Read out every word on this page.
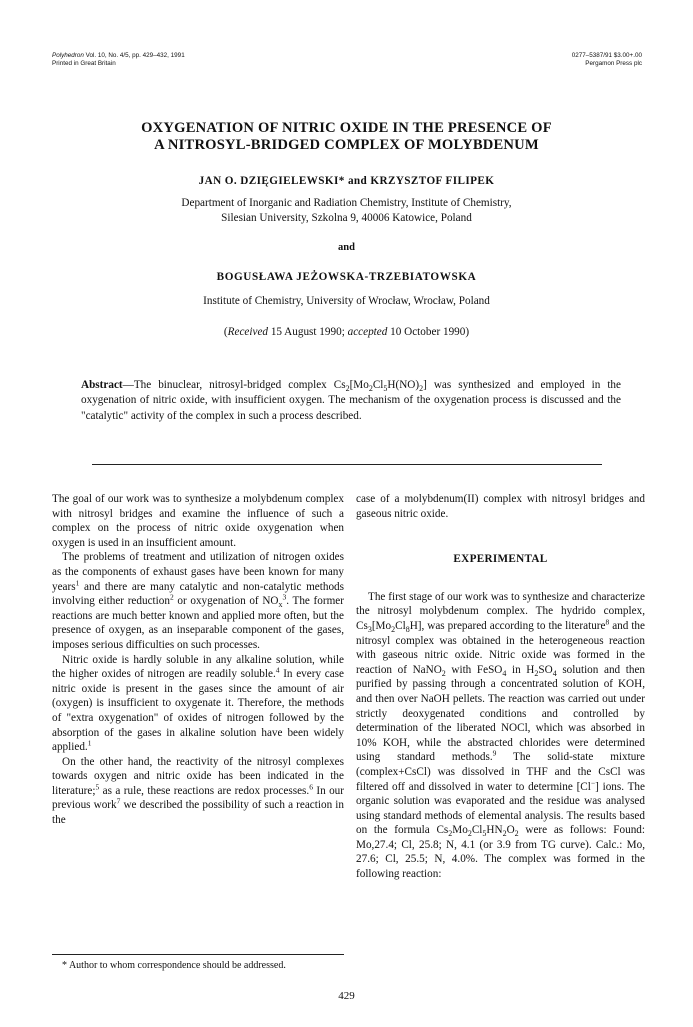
Polyhedron Vol. 10, No. 4/5, pp. 429–432, 1991
Printed in Great Britain
0277–5387/91 $3.00+.00
Pergamon Press plc
OXYGENATION OF NITRIC OXIDE IN THE PRESENCE OF
A NITROSYL-BRIDGED COMPLEX OF MOLYBDENUM
JAN O. DZIĘGIELEWSKI* and KRZYSZTOF FILIPEK
Department of Inorganic and Radiation Chemistry, Institute of Chemistry,
Silesian University, Szkolna 9, 40006 Katowice, Poland
and
BOGUSŁAWA JEŻOWSKA-TRZEBIATOWSKA
Institute of Chemistry, University of Wrocław, Wrocław, Poland
(Received 15 August 1990; accepted 10 October 1990)
Abstract—The binuclear, nitrosyl-bridged complex $Cs_2[Mo_2Cl_5H(NO)_2]$ was synthesized and employed in the oxygenation of nitric oxide, with insufficient oxygen. The mechanism of the oxygenation process is discussed and the "catalytic" activity of the complex in such a process described.

The goal of our work was to synthesize a molybdenum complex with nitrosyl bridges and examine the influence of such a complex on the process of nitric oxide oxygenation when oxygen is used in an insufficient amount.

The problems of treatment and utilization of nitrogen oxides as the components of exhaust gases have been known for many years$^1$ and there are many catalytic and non-catalytic methods involving either reduction$^2$ or oxygenation of $NO_x^3$. The former reactions are much better known and applied more often, but the presence of oxygen, as an inseparable component of the gases, imposes serious difficulties on such processes.

Nitric oxide is hardly soluble in any alkaline solution, while the higher oxides of nitrogen are readily soluble.$^4$ In every case nitric oxide is present in the gases since the amount of air (oxygen) is insufficient to oxygenate it. Therefore, the methods of "extra oxygenation" of oxides of nitrogen followed by the absorption of the gases in alkaline solution have been widely applied.$^1$

On the other hand, the reactivity of the nitrosyl complexes towards oxygen and nitric oxide has been indicated in the literature;$^5$ as a rule, these reactions are redox processes.$^6$ In our previous work$^7$ we described the possibility of such a reaction in the

case of a molybdenum(II) complex with nitrosyl bridges and gaseous nitric oxide.

EXPERIMENTAL

The first stage of our work was to synthesize and characterize the nitrosyl molybdenum complex. The hydrido complex, $Cs_3[Mo_2Cl_8H]$, was prepared according to the literature$^8$ and the nitrosyl complex was obtained in the heterogeneous reaction with gaseous nitric oxide. Nitric oxide was formed in the reaction of NaNO$_2$ with FeSO$_4$ in $H_2SO_4$ solution and then purified by passing through a concentrated solution of KOH, and then over NaOH pellets. The reaction was carried out under strictly deoxygenated conditions and controlled by determination of the liberated NOCl, which was absorbed in 10% KOH, while the abstracted chlorides were determined using standard methods.$^9$ The solid-state mixture (complex+CsCl) was dissolved in THF and the CsCl was filtered off and dissolved in water to determine [Cl−] ions. The organic solution was evaporated and the residue was analysed using standard methods of elemental analysis. The results based on the formula $Cs_2Mo_2Cl_5HN_2O_2$ were as follows: Found: Mo,27.4; Cl, 25.8; N, 4.1 (or 3.9 from TG curve). Calc.: Mo, 27.6; Cl, 25.5; N, 4.0%. The complex was formed in the following reaction:

* Author to whom correspondence should be addressed.
429
